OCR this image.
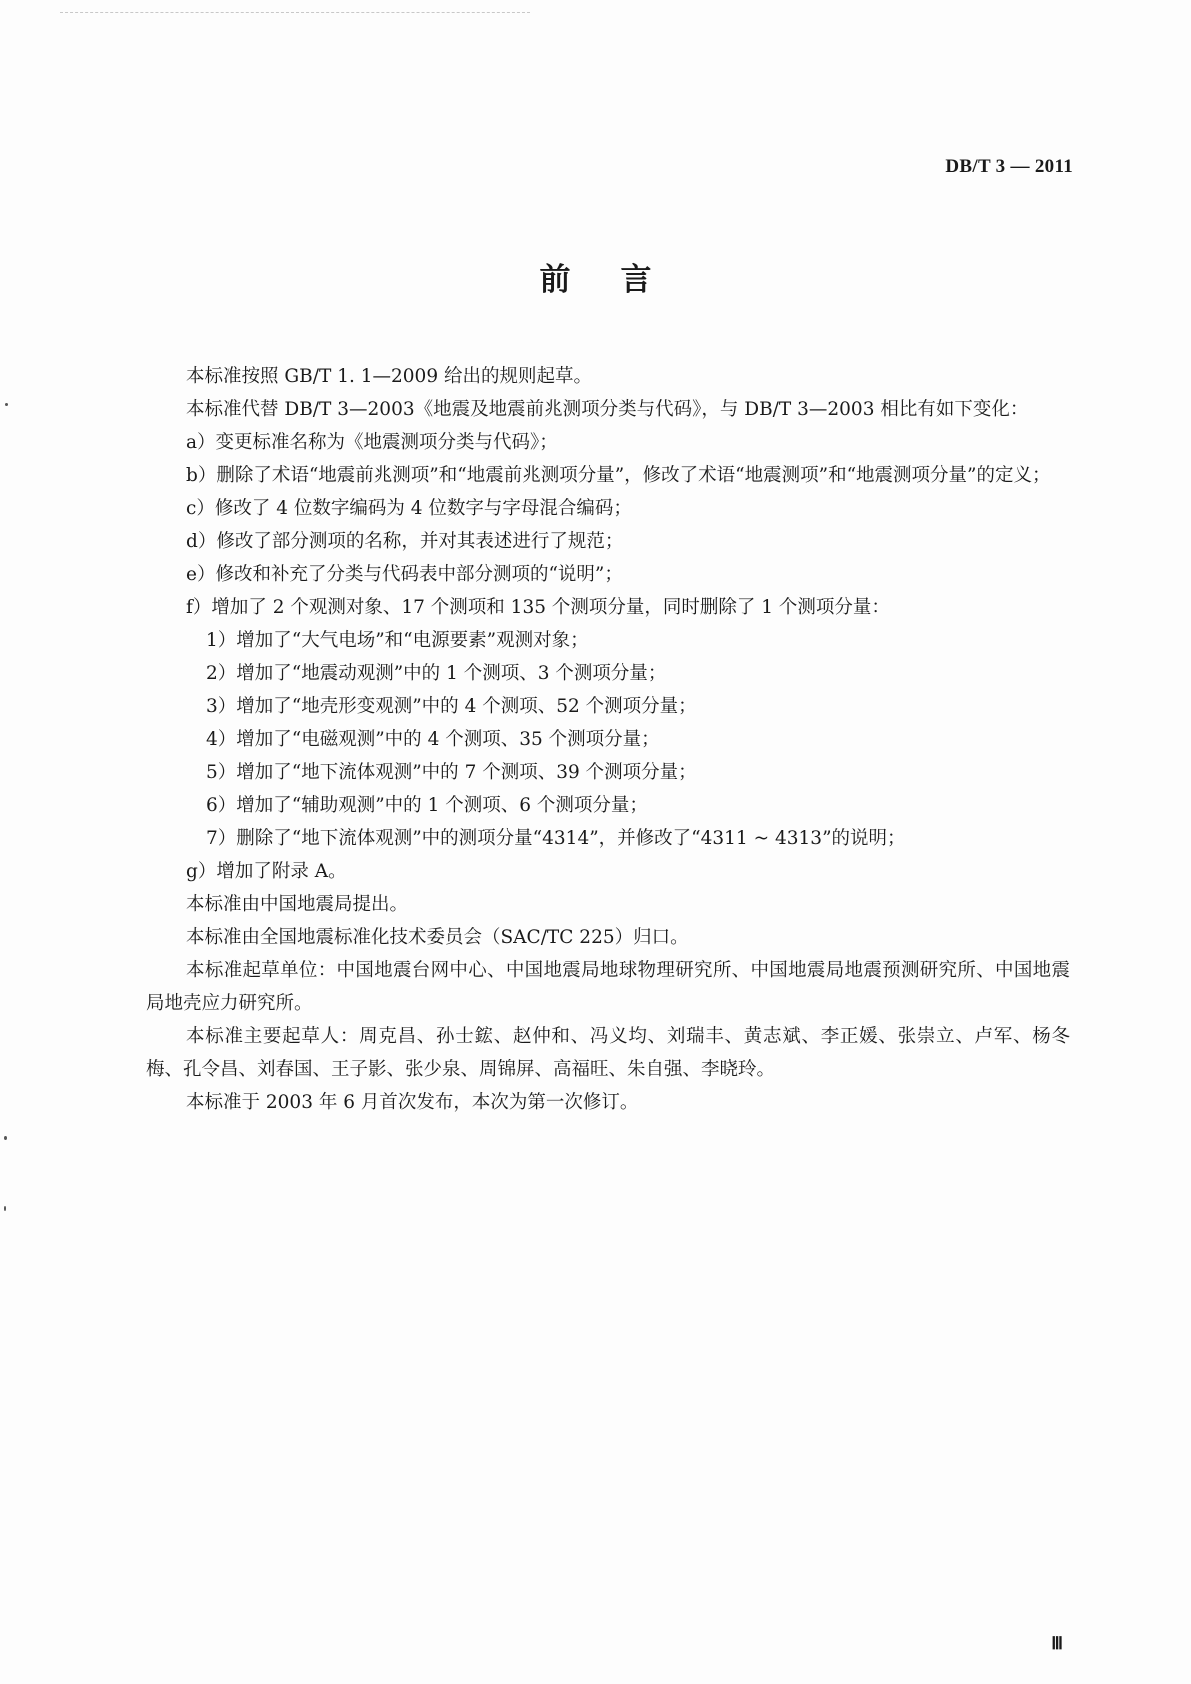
DB/T 3 — 2011
前言

本标准按照 GB/T 1. 1—2009 给出的规则起草。

本标准代替 DB/T 3—2003《地震及地震前兆测项分类与代码》，与 DB/T 3—2003 相比有如下变化：

a）变更标准名称为《地震测项分类与代码》；

b）删除了术语“地震前兆测项”和“地震前兆测项分量”，修改了术语“地震测项”和“地震测项分量”的定义；

c）修改了 4 位数字编码为 4 位数字与字母混合编码；

d）修改了部分测项的名称，并对其表述进行了规范；

e）修改和补充了分类与代码表中部分测项的“说明”；

f）增加了 2 个观测对象、17 个测项和 135 个测项分量，同时删除了 1 个测项分量：

1）增加了“大气电场”和“电源要素”观测对象；

2）增加了“地震动观测”中的 1 个测项、3 个测项分量；

3）增加了“地壳形变观测”中的 4 个测项、52 个测项分量；

4）增加了“电磁观测”中的 4 个测项、35 个测项分量；

5）增加了“地下流体观测”中的 7 个测项、39 个测项分量；

6）增加了“辅助观测”中的 1 个测项、6 个测项分量；

7）删除了“地下流体观测”中的测项分量“4314”，并修改了“4311 ~ 4313”的说明；

g）增加了附录 A。

本标准由中国地震局提出。

本标准由全国地震标准化技术委员会（SAC/TC 225）归口。

本标准起草单位：中国地震台网中心、中国地震局地球物理研究所、中国地震局地震预测研究所、中国地震局地壳应力研究所。

本标准主要起草人：周克昌、孙士鋐、赵仲和、冯义均、刘瑞丰、黄志斌、李正媛、张崇立、卢军、杨冬梅、孔令昌、刘春国、王子影、张少泉、周锦屏、高福旺、朱自强、李晓玲。

本标准于 2003 年 6 月首次发布，本次为第一次修订。

Ⅲ
